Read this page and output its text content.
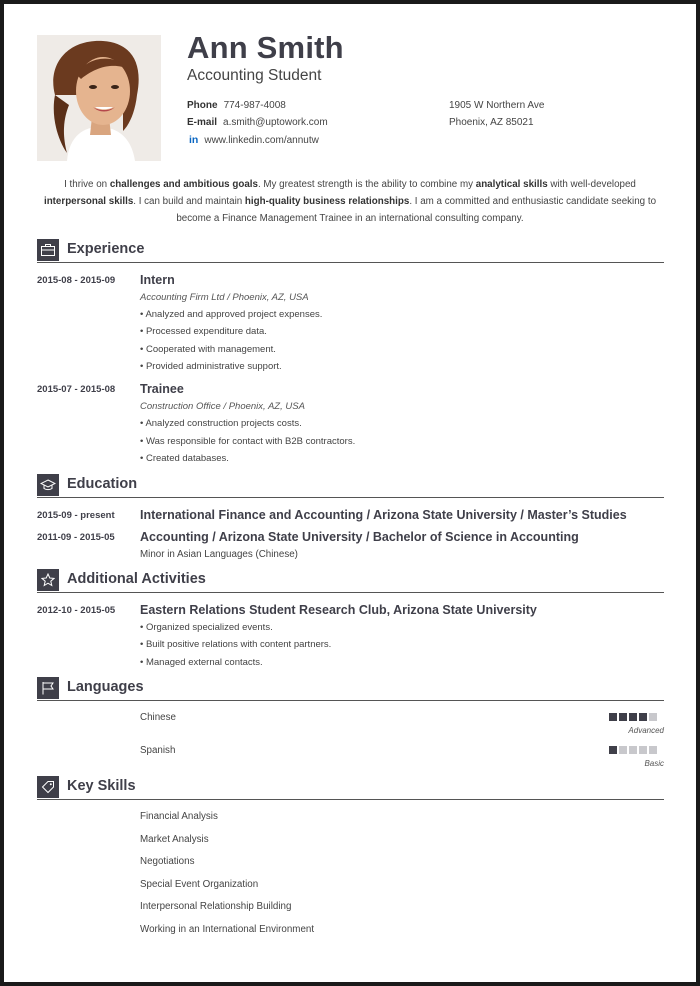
Ann Smith
Accounting Student
Phone 774-987-4008
E-mail a.smith@uptowork.com
in www.linkedin.com/annutw
1905 W Northern Ave
Phoenix, AZ 85021
I thrive on challenges and ambitious goals. My greatest strength is the ability to combine my analytical skills with well-developed interpersonal skills. I can build and maintain high-quality business relationships. I am a committed and enthusiastic candidate seeking to become a Finance Management Trainee in an international consulting company.
Experience
2015-08 - 2015-09 Intern
Accounting Firm Ltd / Phoenix, AZ, USA
• Analyzed and approved project expenses.
• Processed expenditure data.
• Cooperated with management.
• Provided administrative support.
2015-07 - 2015-08 Trainee
Construction Office / Phoenix, AZ, USA
• Analyzed construction projects costs.
• Was responsible for contact with B2B contractors.
• Created databases.
Education
2015-09 - present International Finance and Accounting / Arizona State University / Master’s Studies
2011-09 - 2015-05 Accounting / Arizona State University / Bachelor of Science in Accounting
Minor in Asian Languages (Chinese)
Additional Activities
2012-10 - 2015-05 Eastern Relations Student Research Club, Arizona State University
• Organized specialized events.
• Built positive relations with content partners.
• Managed external contacts.
Languages
Chinese
Advanced
Spanish
Basic
Key Skills
Financial Analysis
Market Analysis
Negotiations
Special Event Organization
Interpersonal Relationship Building
Working in an International Environment
